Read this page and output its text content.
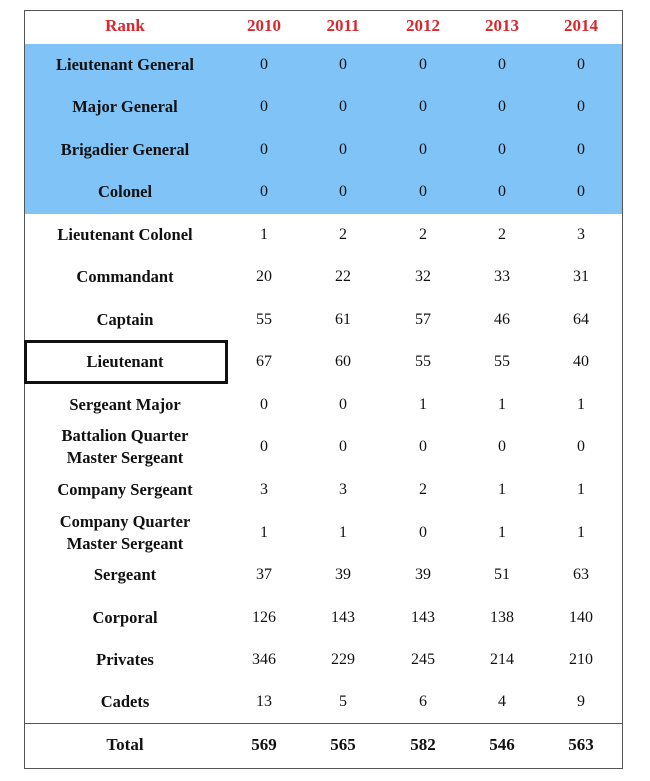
Rank	2010	2011	2012	2013	2014
Lieutenant General	0	0	0	0	0
Major General	0	0	0	0	0
Brigadier General	0	0	0	0	0
Colonel	0	0	0	0	0
Lieutenant Colonel	1	2	2	2	3
Commandant	20	22	32	33	31
Captain	55	61	57	46	64
Lieutenant	67	60	55	55	40
Sergeant Major	0	0	1	1	1
Battalion Quarter
Master Sergeant
0	0	0	0	0
Company Sergeant	3	3	2	1	1
Company Quarter
Master Sergeant
1	1	0	1	1
Sergeant	37	39	39	51	63
Corporal	126	143	143	138	140
Privates	346	229	245	214	210
Cadets	13	5	6	4	9
Total	569	565	582	546	563
